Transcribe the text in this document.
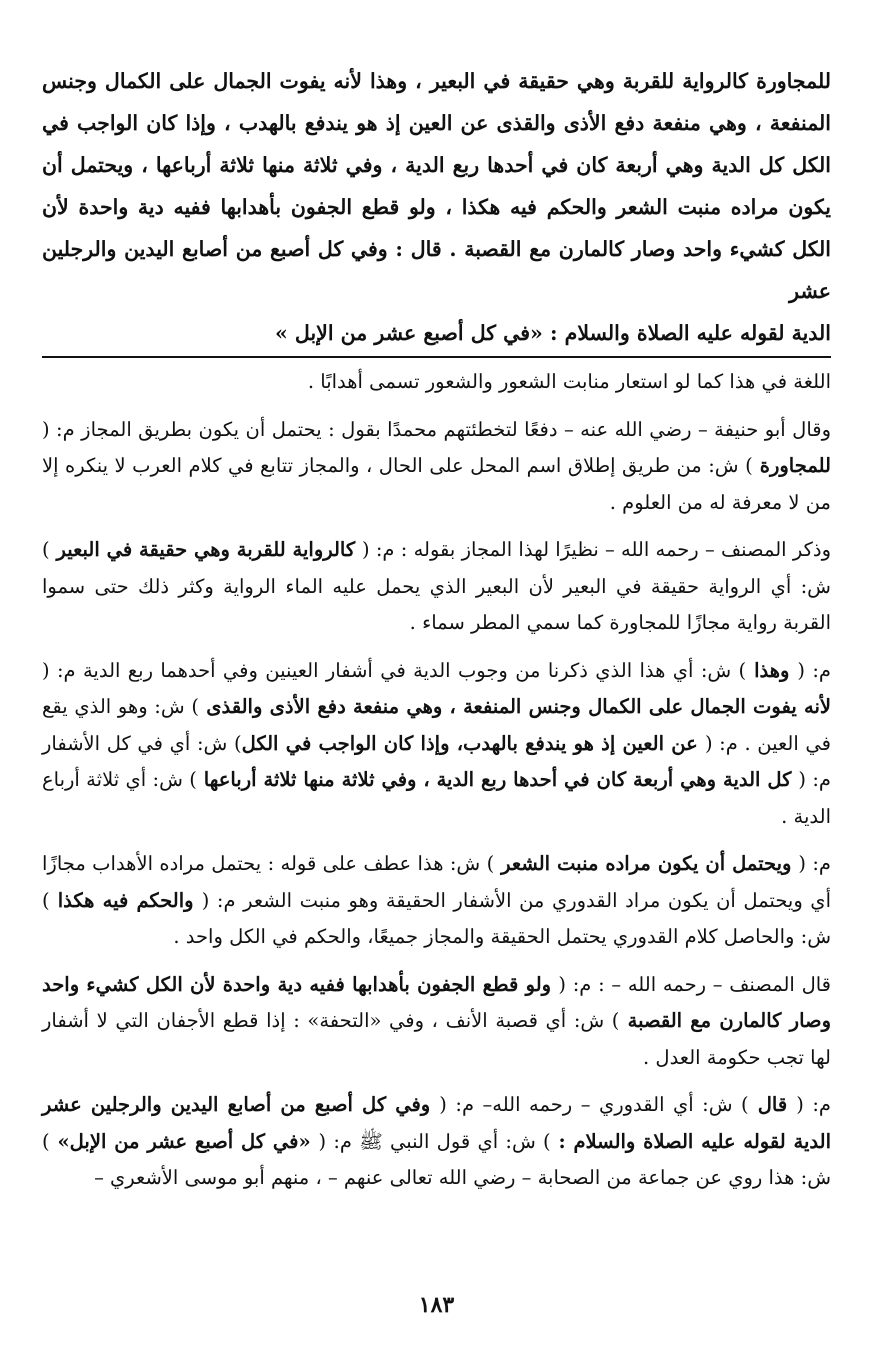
للمجاورة كالرواية للقربة وهي حقيقة في البعير ، وهذا لأنه يفوت الجمال على الكمال وجنس المنفعة ، وهي منفعة دفع الأذى والقذى عن العين إذ هو يندفع بالهدب ، وإذا كان الواجب في الكل كل الدية وهي أربعة كان في أحدها ربع الدية ، وفي ثلاثة منها ثلاثة أرباعها ، ويحتمل أن يكون مراده منبت الشعر والحكم فيه هكذا ، ولو قطع الجفون بأهدابها ففيه دية واحدة لأن الكل كشيء واحد وصار كالمارن مع القصبة . قال : وفي كل أصبع من أصابع اليدين والرجلين عشر
الدية لقوله عليه الصلاة والسلام : «في كل أصبع عشر من الإبل »

اللغة في هذا كما لو استعار منابت الشعور والشعور تسمى أهدابًا .

وقال أبو حنيفة – رضي الله عنه – دفعًا لتخطئتهم محمدًا بقول : يحتمل أن يكون بطريق المجاز م: ( للمجاورة ) ش: من طريق إطلاق اسم المحل على الحال ، والمجاز تتابع في كلام العرب لا ينكره إلا من لا معرفة له من العلوم .

وذكر المصنف – رحمه الله – نظيرًا لهذا المجاز بقوله : م: ( كالرواية للقربة وهي حقيقة في البعير ) ش: أي الرواية حقيقة في البعير لأن البعير الذي يحمل عليه الماء الرواية وكثر ذلك حتى سموا القربة رواية مجازًا للمجاورة كما سمي المطر سماء .

م: ( وهذا ) ش: أي هذا الذي ذكرنا من وجوب الدية في أشفار العينين وفي أحدهما ربع الدية م: ( لأنه يفوت الجمال على الكمال وجنس المنفعة ، وهي منفعة دفع الأذى والقذى ) ش: وهو الذي يقع في العين . م: ( عن العين إذ هو يندفع بالهدب، وإذا كان الواجب في الكل) ش: أي في كل الأشفار م: ( كل الدية وهي أربعة كان في أحدها ربع الدية ، وفي ثلاثة منها ثلاثة أرباعها ) ش: أي ثلاثة أرباع الدية .

م: ( ويحتمل أن يكون مراده منبت الشعر ) ش: هذا عطف على قوله : يحتمل مراده الأهداب مجازًا أي ويحتمل أن يكون مراد القدوري من الأشفار الحقيقة وهو منبت الشعر م: ( والحكم فيه هكذا ) ش: والحاصل كلام القدوري يحتمل الحقيقة والمجاز جميعًا، والحكم في الكل واحد .

قال المصنف – رحمه الله – : م: ( ولو قطع الجفون بأهدابها ففيه دية واحدة لأن الكل كشيء واحد وصار كالمارن مع القصبة ) ش: أي قصبة الأنف ، وفي «التحفة» : إذا قطع الأجفان التي لا أشفار لها تجب حكومة العدل .

م: ( قال ) ش: أي القدوري – رحمه الله– م: ( وفي كل أصبع من أصابع اليدين والرجلين عشر الدية لقوله عليه الصلاة والسلام : ) ش: أي قول النبي ﷺ م: ( «في كل أصبع عشر من الإبل» ) ش: هذا روي عن جماعة من الصحابة – رضي الله تعالى عنهم – ، منهم أبو موسى الأشعري –

١٨٣
